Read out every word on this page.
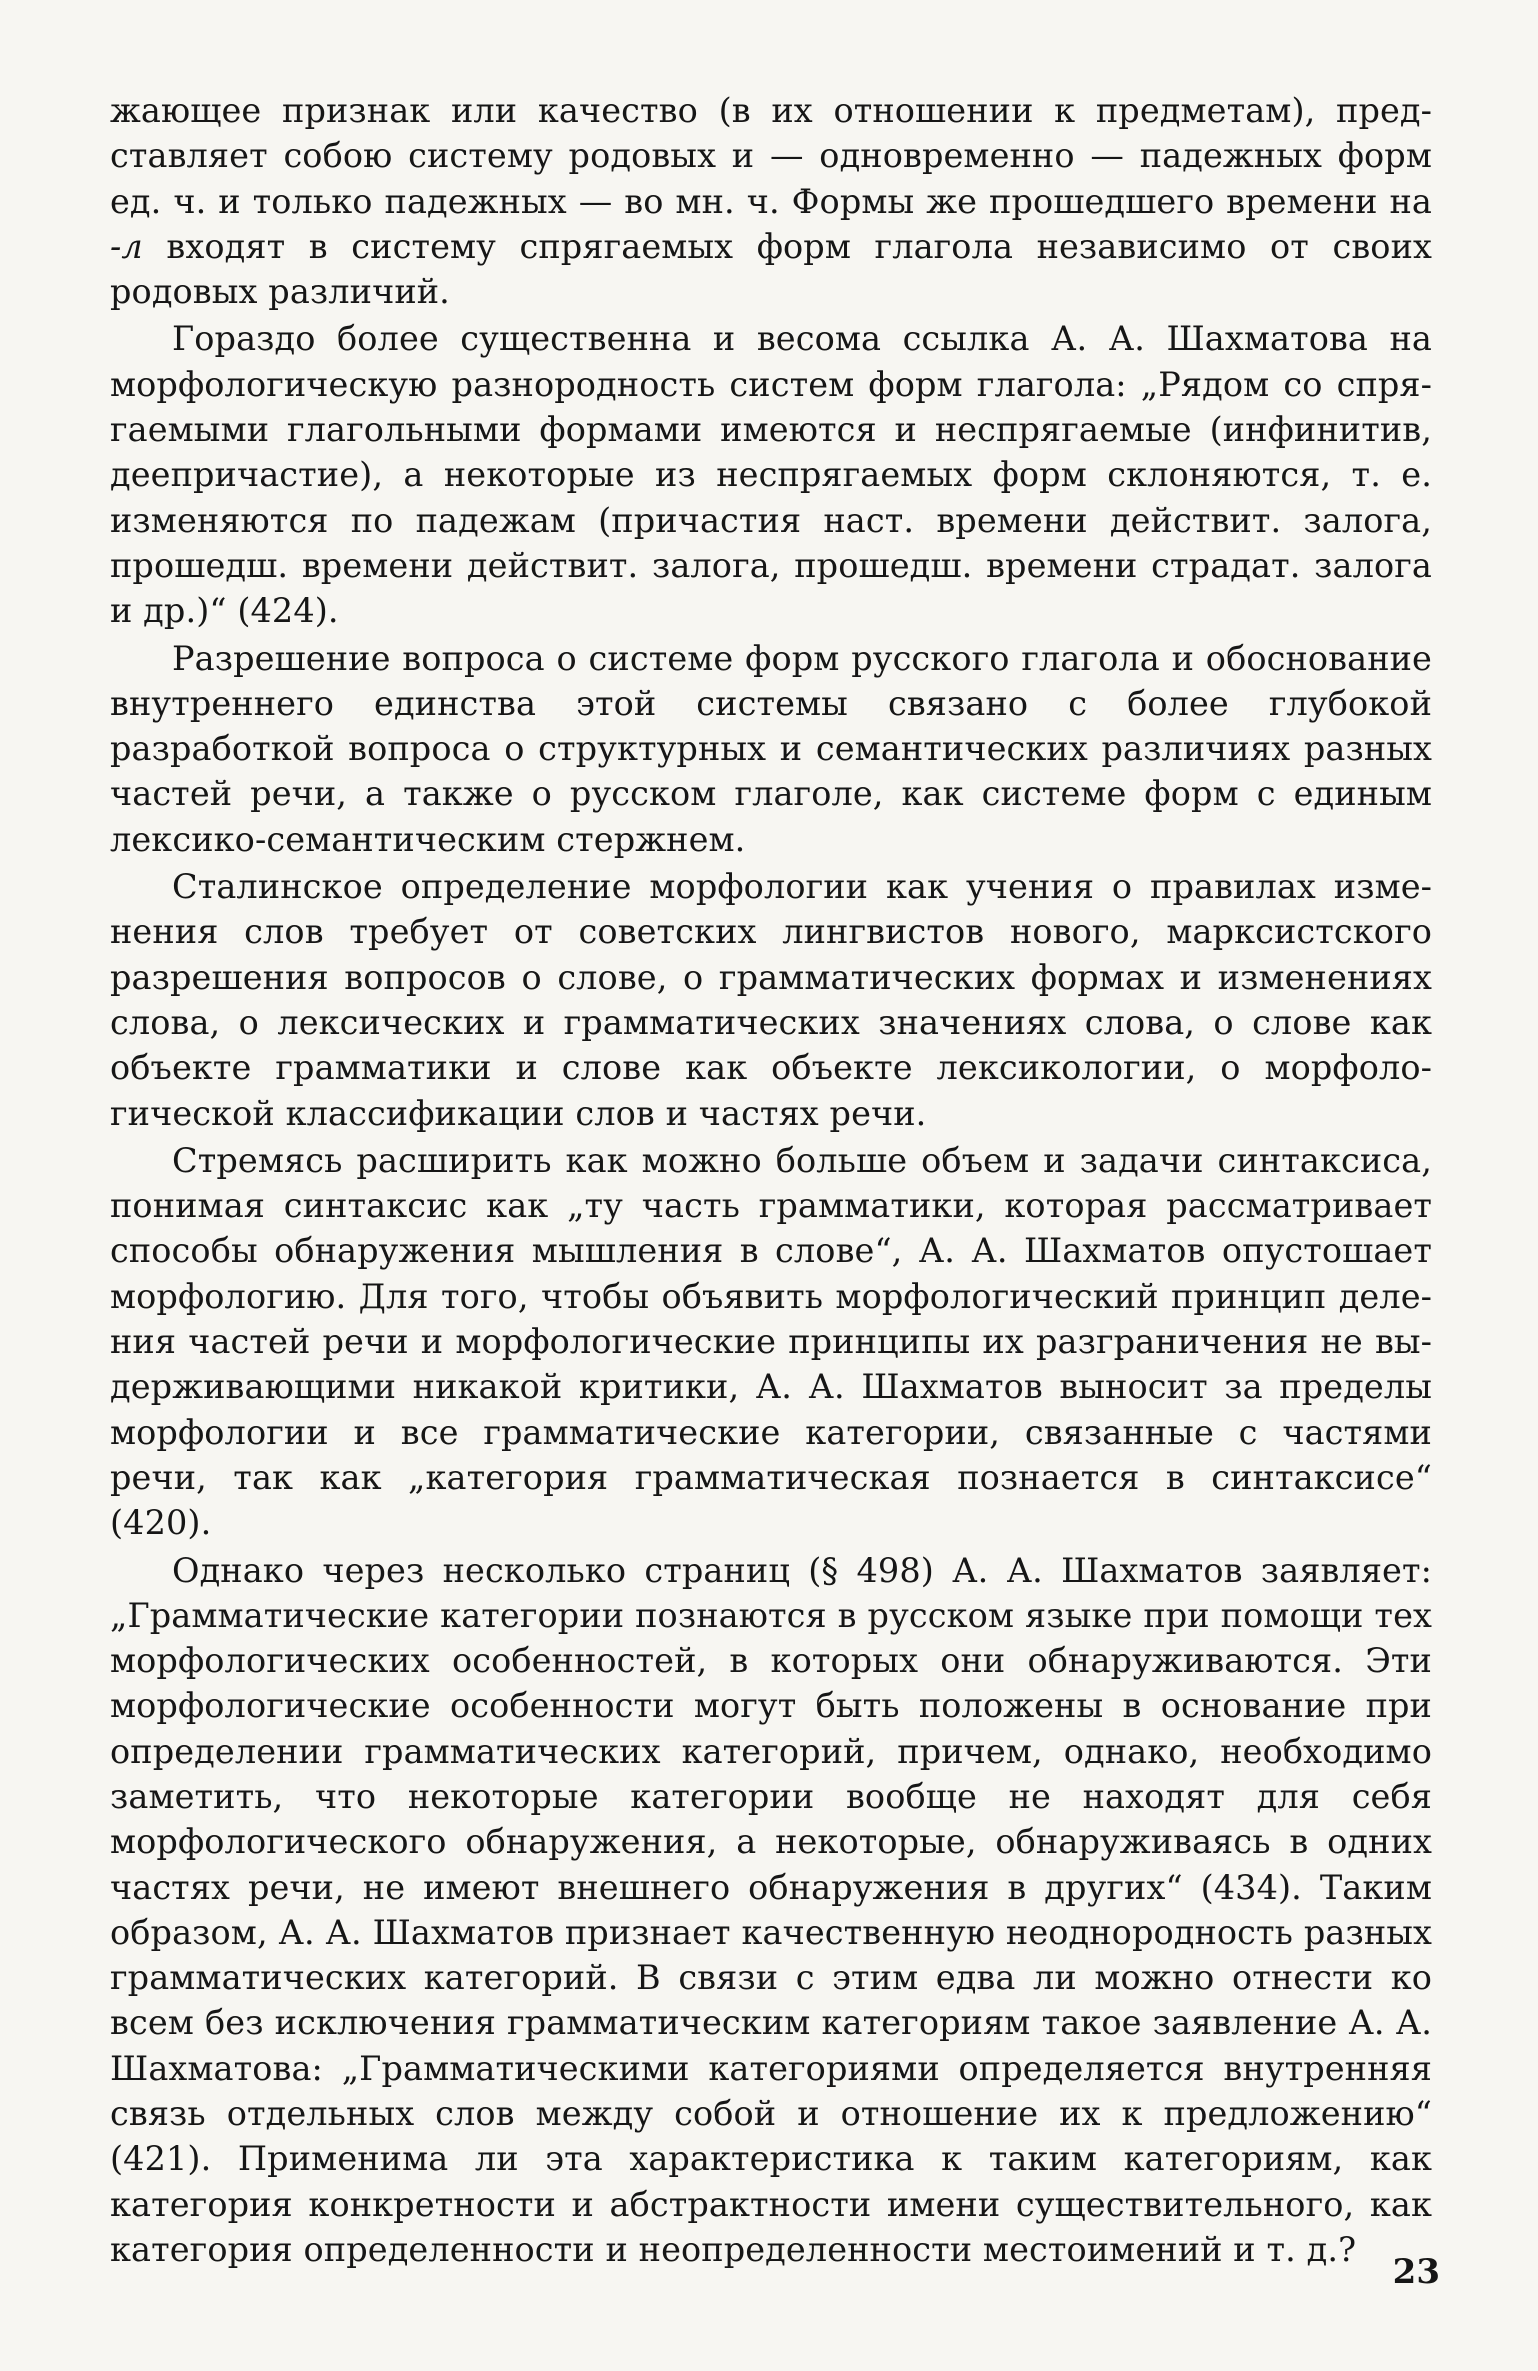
жающее признак или качество (в их отношении к предметам), представляет собою систему родовых и — одновременно — падежных форм ед. ч. и только падежных — во мн. ч. Формы же прошедшего времени на -л входят в систему спрягаемых форм глагола независимо от своих родовых различий.

Гораздо более существенна и весома ссылка А. А. Шахматова на морфологическую разнородность систем форм глагола: „Рядом со спрягаемыми глагольными формами имеются и неспрягаемые (инфинитив, деепричастие), а некоторые из неспрягаемых форм склоняются, т. е. изменяются по падежам (причастия наст. времени действит. залога, прошедш. времени действит. залога, прошедш. времени страдат. залога и др.)“ (424).

Разрешение вопроса о системе форм русского глагола и обоснование внутреннего единства этой системы связано с более глубокой разработкой вопроса о структурных и семантических различиях разных частей речи, а также о русском глаголе, как системе форм с единым лексико-семантическим стержнем.

Сталинское определение морфологии как учения о правилах изменения слов требует от советских лингвистов нового, марксистского разрешения вопросов о слове, о грамматических формах и изменениях слова, о лексических и грамматических значениях слова, о слове как объекте грамматики и слове как объекте лексикологии, о морфологической классификации слов и частях речи.

Стремясь расширить как можно больше объем и задачи синтаксиса, понимая синтаксис как „ту часть грамматики, которая рассматривает способы обнаружения мышления в слове“, А. А. Шахматов опустошает морфологию. Для того, чтобы объявить морфологический принцип деления частей речи и морфологические принципы их разграничения не выдерживающими никакой критики, А. А. Шахматов выносит за пределы морфологии и все грамматические категории, связанные с частями речи, так как „категория грамматическая познается в синтаксисе“ (420).

Однако через несколько страниц (§ 498) А. А. Шахматов заявляет: „Грамматические категории познаются в русском языке при помощи тех морфологических особенностей, в которых они обнаруживаются. Эти морфологические особенности могут быть положены в основание при определении грамматических категорий, причем, однако, необходимо заметить, что некоторые категории вообще не находят для себя морфологического обнаружения, а некоторые, обнаруживаясь в одних частях речи, не имеют внешнего обнаружения в других“ (434). Таким образом, А. А. Шахматов признает качественную неоднородность разных грамматических категорий. В связи с этим едва ли можно отнести ко всем без исключения грамматическим категориям такое заявление А. А. Шахматова: „Грамматическими категориями определяется внутренняя связь отдельных слов между собой и отношение их к предложению“ (421). Применима ли эта характеристика к таким категориям, как категория конкретности и абстрактности имени существительного, как категория определенности и неопределенности местоимений и т. д.?

23
